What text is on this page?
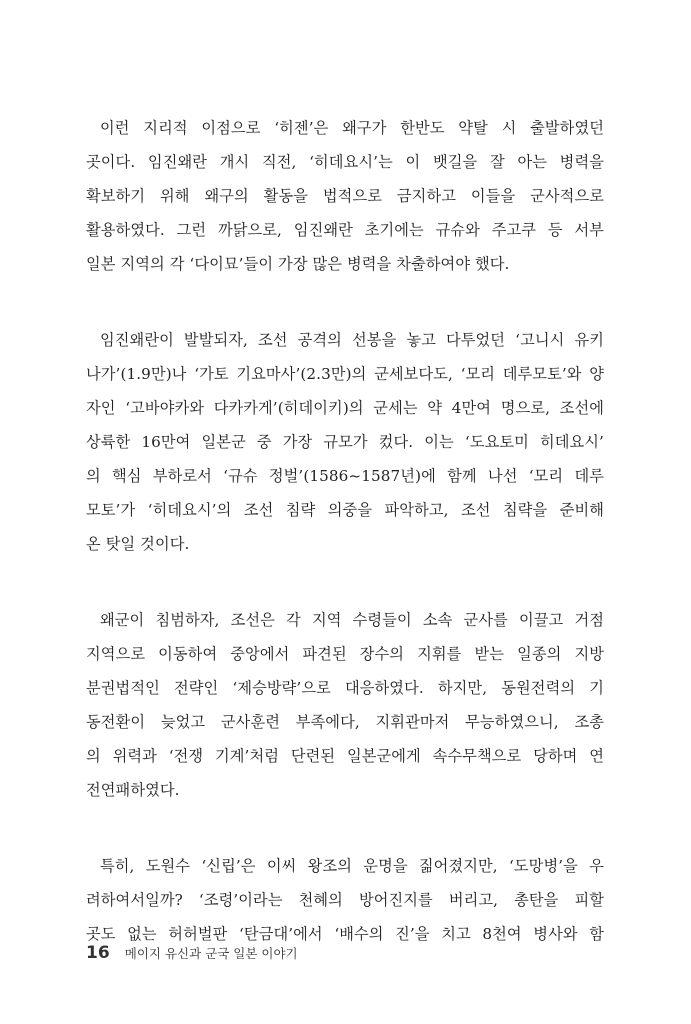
이런 지리적 이점으로 ‘히젠’은 왜구가 한반도 약탈 시 출발하였던
곳이다. 임진왜란 개시 직전, ‘히데요시’는 이 뱃길을 잘 아는 병력을
확보하기 위해 왜구의 활동을 법적으로 금지하고 이들을 군사적으로
활용하였다. 그런 까닭으로, 임진왜란 초기에는 규슈와 주고쿠 등 서부
일본 지역의 각 ‘다이묘’들이 가장 많은 병력을 차출하여야 했다.
임진왜란이 발발되자, 조선 공격의 선봉을 놓고 다투었던 ‘고니시 유키
나가’(1.9만)나 ‘가토 기요마사’(2.3만)의 군세보다도, ‘모리 데루모토’와 양
자인 ‘고바야카와 다카카게’(히데이키)의 군세는 약 4만여 명으로, 조선에
상륙한 16만여 일본군 중 가장 규모가 컸다. 이는 ‘도요토미 히데요시’
의 핵심 부하로서 ‘규슈 정벌’(1586~1587년)에 함께 나선 ‘모리 데루
모토’가 ‘히데요시’의 조선 침략 의중을 파악하고, 조선 침략을 준비해
온 탓일 것이다.
왜군이 침범하자, 조선은 각 지역 수령들이 소속 군사를 이끌고 거점
지역으로 이동하여 중앙에서 파견된 장수의 지휘를 받는 일종의 지방
분권법적인 전략인 ‘제승방략’으로 대응하였다. 하지만, 동원전력의 기
동전환이 늦었고 군사훈련 부족에다, 지휘관마저 무능하였으니, 조총
의 위력과 ‘전쟁 기계’처럼 단련된 일본군에게 속수무책으로 당하며 연
전연패하였다.
특히, 도원수 ‘신립’은 이씨 왕조의 운명을 짊어졌지만, ‘도망병’을 우
려하여서일까? ‘조령’이라는 천혜의 방어진지를 버리고, 총탄을 피할
곳도 없는 허허벌판 ‘탄금대’에서 ‘배수의 진’을 치고 8천여 병사와 함
16 메이지 유신과 군국 일본 이야기
